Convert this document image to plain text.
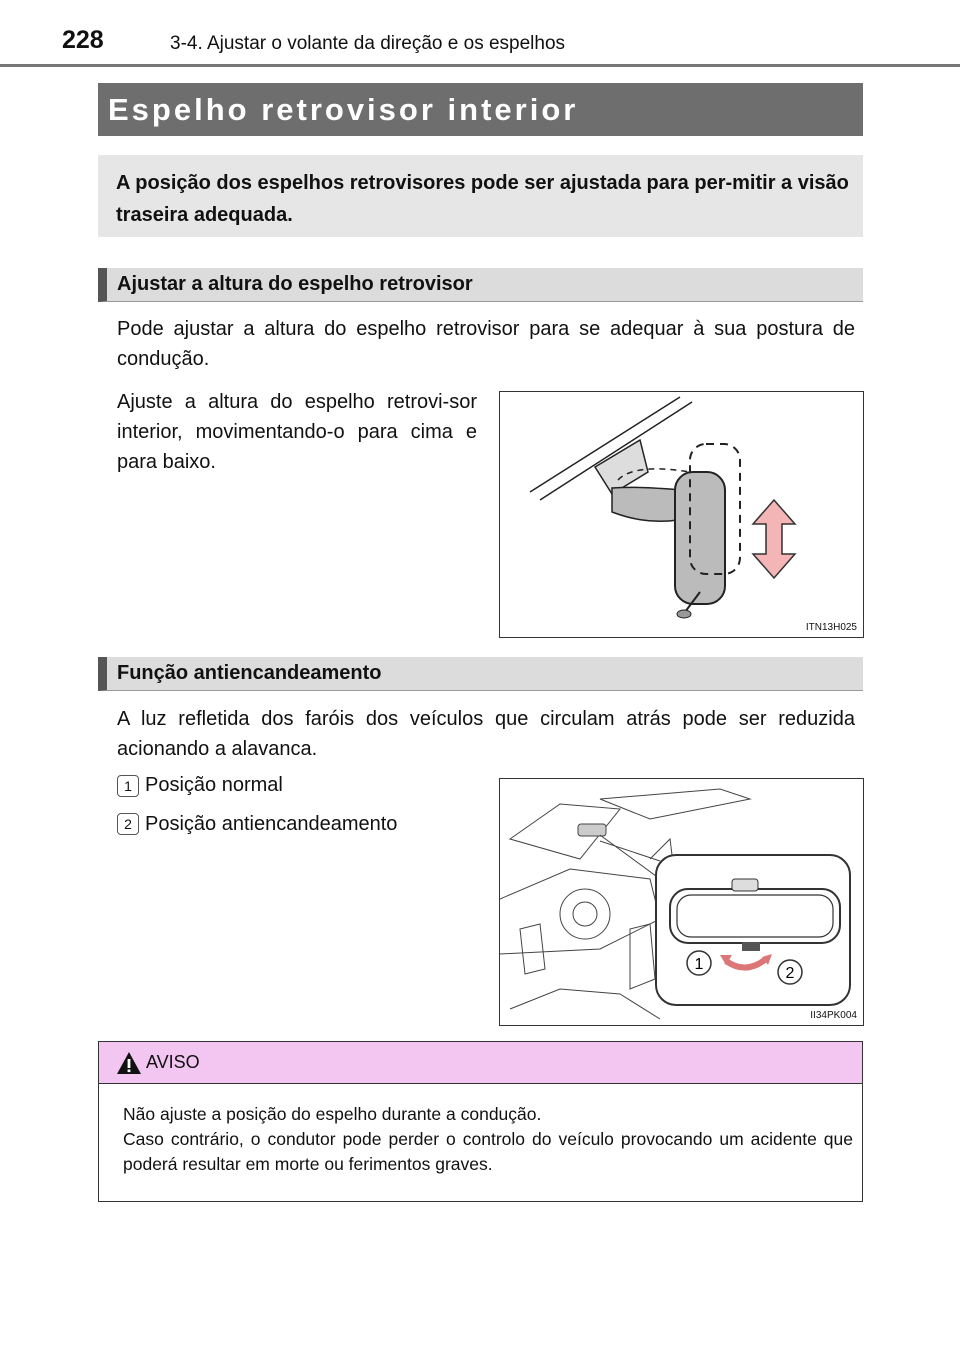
228	3-4. Ajustar o volante da direção e os espelhos
Espelho retrovisor interior
A posição dos espelhos retrovisores pode ser ajustada para per-mitir a visão traseira adequada.
Ajustar a altura do espelho retrovisor
Pode ajustar a altura do espelho retrovisor para se adequar à sua postura de condução.
Ajuste a altura do espelho retrovi-sor interior, movimentando-o para cima e para baixo.
ITN13H025
Função antiencandeamento
A luz refletida dos faróis dos veículos que circulam atrás pode ser reduzida acionando a alavanca.
1 Posição normal
2 Posição antiencandeamento
1
2
II34PK004
AVISO
Não ajuste a posição do espelho durante a condução.
Caso contrário, o condutor pode perder o controlo do veículo provocando um acidente que poderá resultar em morte ou ferimentos graves.
